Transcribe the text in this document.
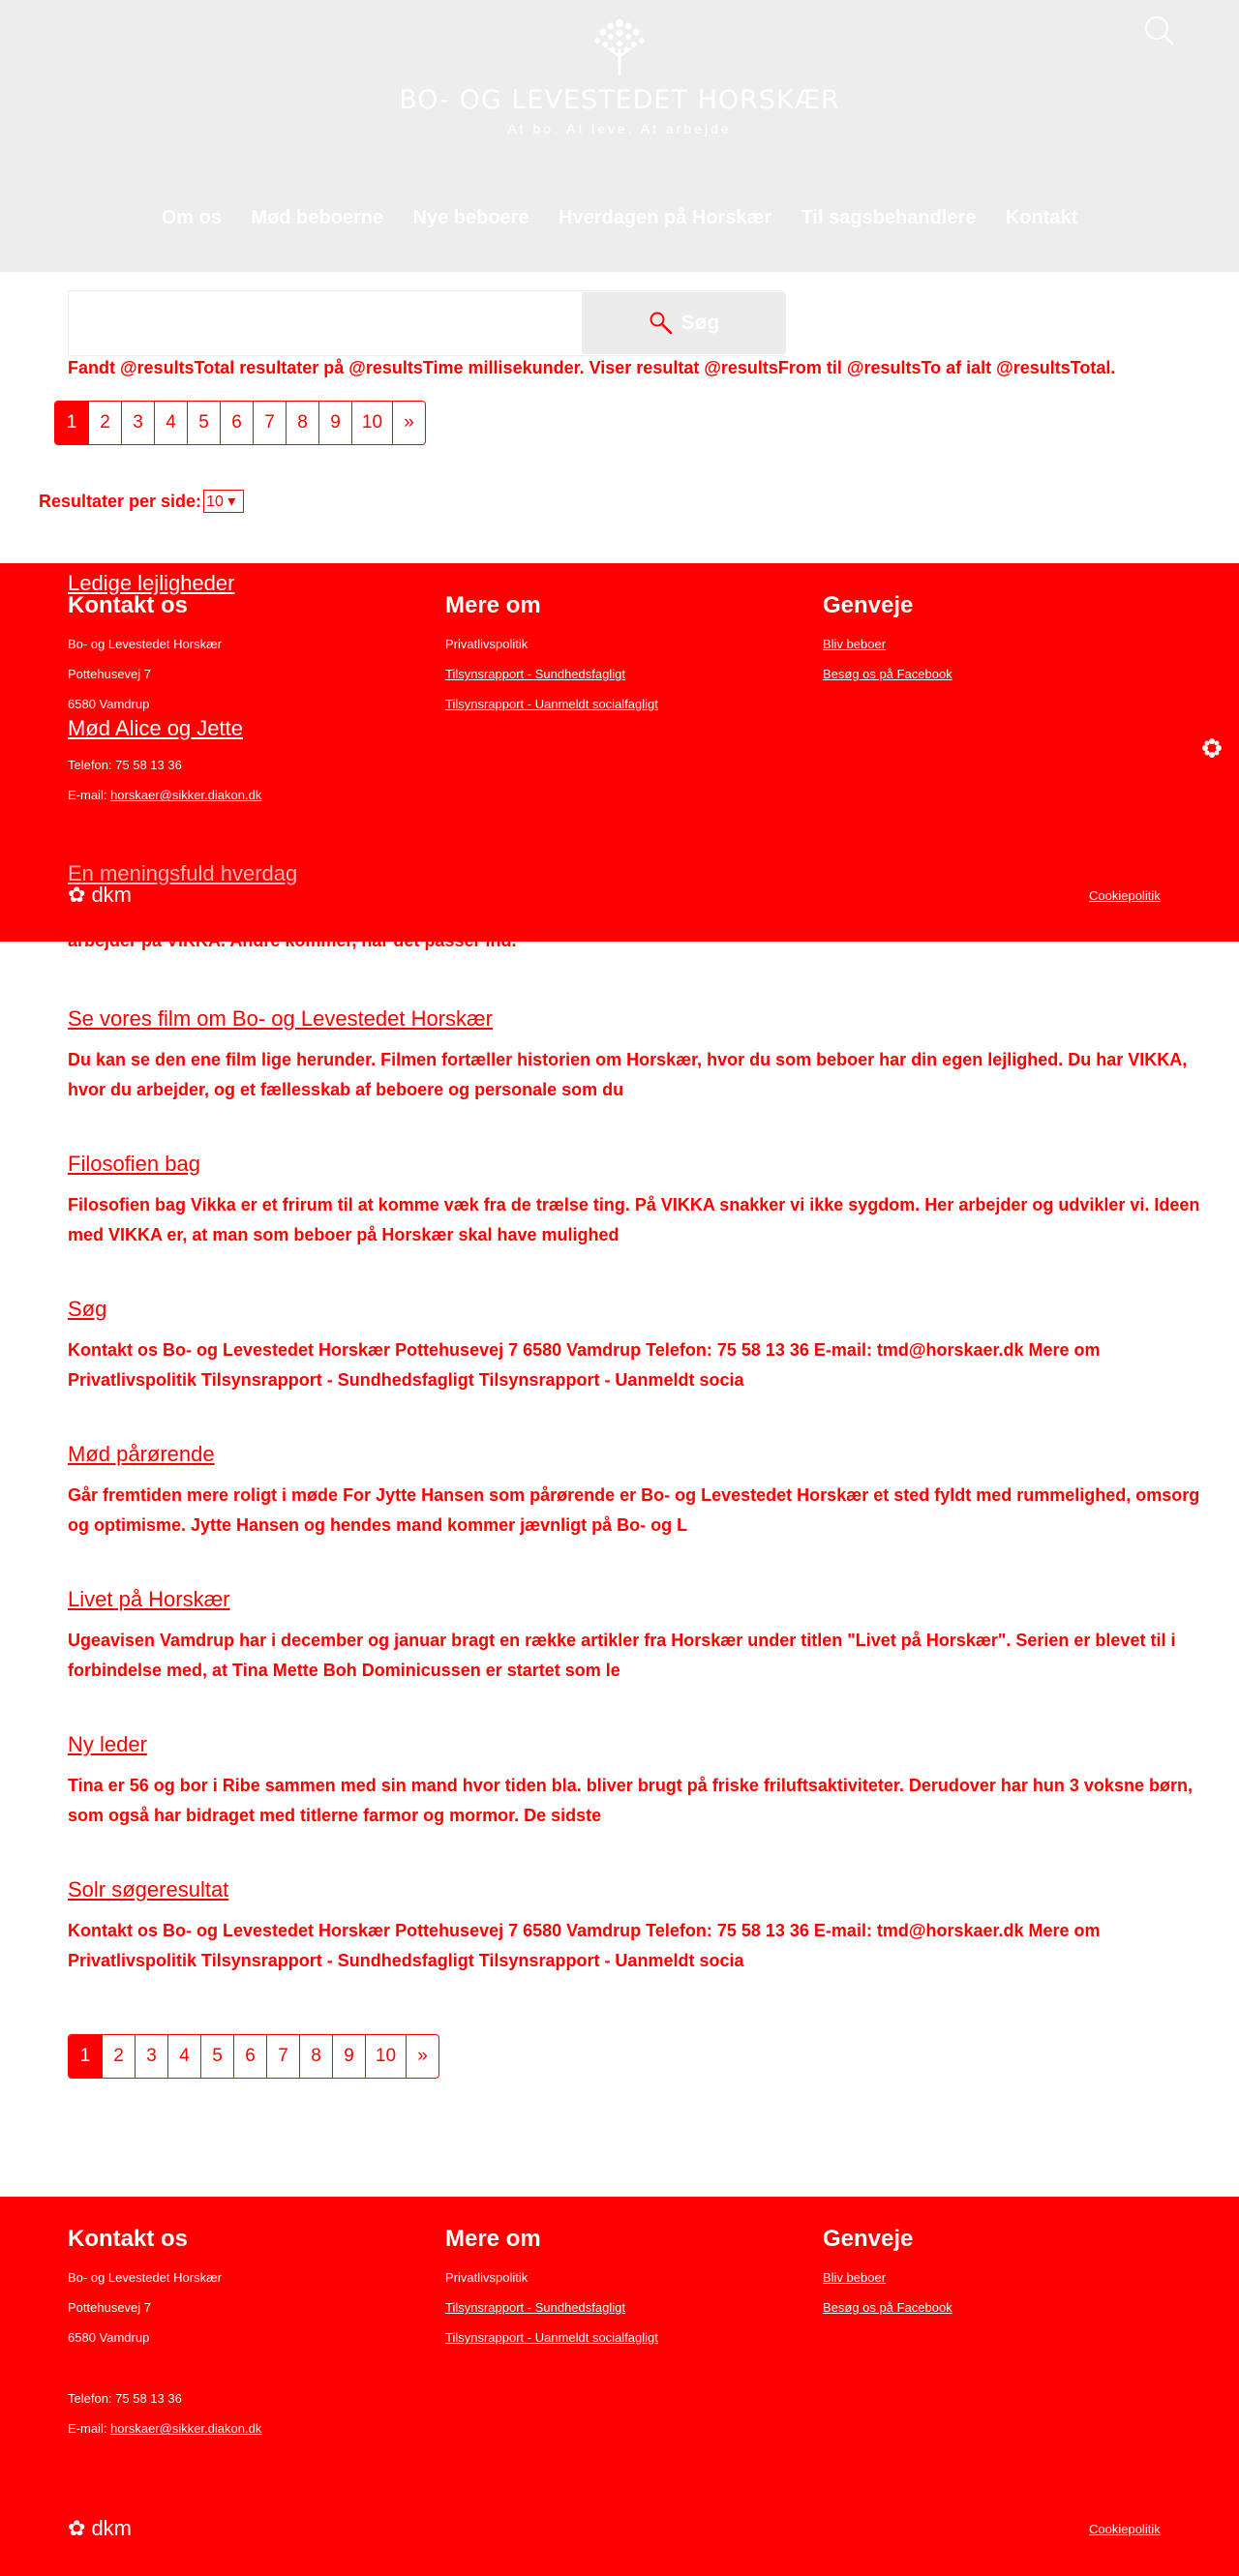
BO- OG LEVESTEDET HORSKÆR
At bo. At leve. At arbejde
Om os Mød beboerne Nye beboere Hverdagen på Horskær Til sagsbehandlere Kontakt
Søg
Fandt @resultsTotal resultater på @resultsTime millisekunder. Viser resultat @resultsFrom til @resultsTo af ialt @resultsTotal.
1	2	3	4	5	6	7	8	9	10	»
Resultater per side: 10 ▾
Kontakt os
Bo- og Levestedet Horskær
Pottehusevej 7
6580 Vamdrup
Telefon: 75 58 13 36
E-mail: horskaer@sikker.diakon.dk
Mere om
Privatlivspolitik
Tilsynsrapport - Sundhedsfagligt
Tilsynsrapport - Uanmeldt socialfagligt
Genveje
Bliv beboer
Besøg os på Facebook
✿ dkm	Cookiepolitik
Ledige lejligheder
Mød Alice og Jette
En meningsfuld hverdag
arbejder på VIKKA. Andre kommer, når det passer ind.
Se vores film om Bo- og Levestedet Horskær
Du kan se den ene film lige herunder. Filmen fortæller historien om Horskær, hvor du som beboer har din egen lejlighed. Du har VIKKA, hvor du arbejder, og et fællesskab af beboere og personale som du
Filosofien bag
Filosofien bag Vikka er et frirum til at komme væk fra de trælse ting. På VIKKA snakker vi ikke sygdom. Her arbejder og udvikler vi. Ideen med VIKKA er, at man som beboer på Horskær skal have mulighed
Søg
Kontakt os Bo- og Levestedet Horskær Pottehusevej 7 6580 Vamdrup Telefon: 75 58 13 36 E-mail: tmd@horskaer.dk Mere om Privatlivspolitik Tilsynsrapport - Sundhedsfagligt Tilsynsrapport - Uanmeldt socia
Mød pårørende
Går fremtiden mere roligt i møde For Jytte Hansen som pårørende er Bo- og Levestedet Horskær et sted fyldt med rummelighed, omsorg og optimisme. Jytte Hansen og hendes mand kommer jævnligt på Bo- og L
Livet på Horskær
Ugeavisen Vamdrup har i december og januar bragt en række artikler fra Horskær under titlen "Livet på Horskær". Serien er blevet til i forbindelse med, at Tina Mette Boh Dominicussen er startet som le
Ny leder
Tina er 56 og bor i Ribe sammen med sin mand hvor tiden bla. bliver brugt på friske friluftsaktiviteter. Derudover har hun 3 voksne børn, som også har bidraget med titlerne farmor og mormor. De sidste
Solr søgeresultat
Kontakt os Bo- og Levestedet Horskær Pottehusevej 7 6580 Vamdrup Telefon: 75 58 13 36 E-mail: tmd@horskaer.dk Mere om Privatlivspolitik Tilsynsrapport - Sundhedsfagligt Tilsynsrapport - Uanmeldt socia
1	2	3	4	5	6	7	8	9	10	»
Kontakt os
Bo- og Levestedet Horskær
Pottehusevej 7
6580 Vamdrup
Telefon: 75 58 13 36
E-mail: horskaer@sikker.diakon.dk
Mere om
Privatlivspolitik
Tilsynsrapport - Sundhedsfagligt
Tilsynsrapport - Uanmeldt socialfagligt
Genveje
Bliv beboer
Besøg os på Facebook
✿ dkm	Cookiepolitik
